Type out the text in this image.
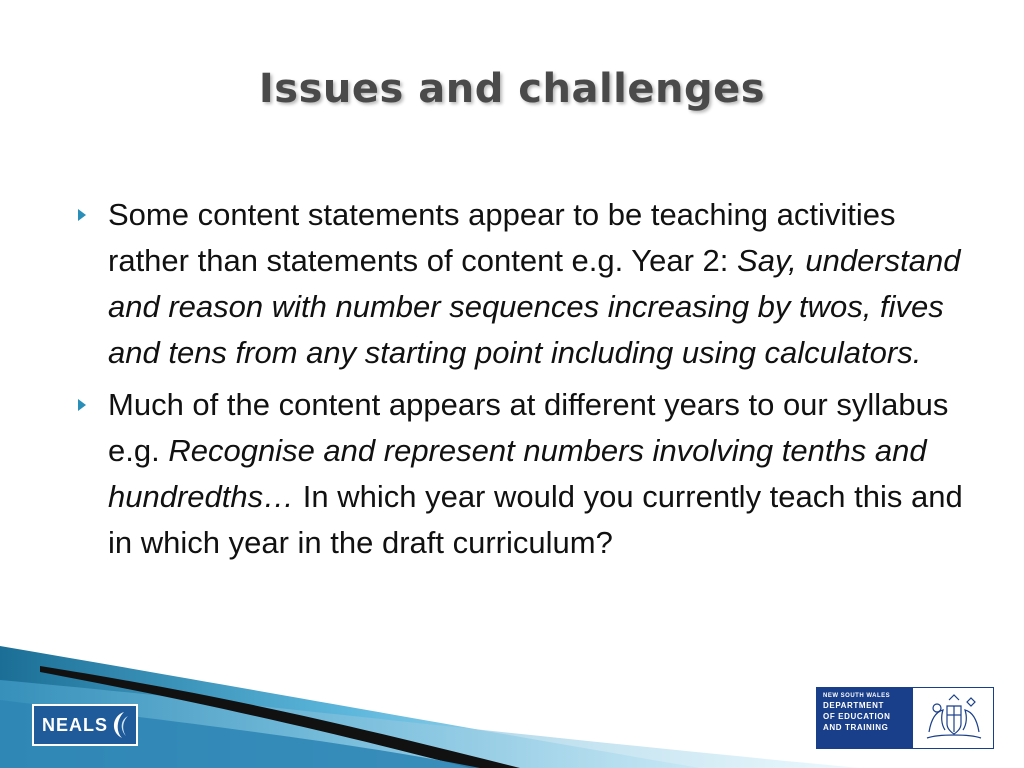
Issues and challenges
Some content statements appear to be teaching activities rather than statements of content e.g. Year 2: Say, understand and reason with number sequences increasing by twos, fives and tens from any starting point including using calculators.
Much of the content appears at different years to our syllabus e.g. Recognise and represent numbers involving tenths and hundredths… In which year would you currently teach this and in which year in the draft curriculum?
NEALS
NEW SOUTH WALES
DEPARTMENT
OF EDUCATION
AND TRAINING
